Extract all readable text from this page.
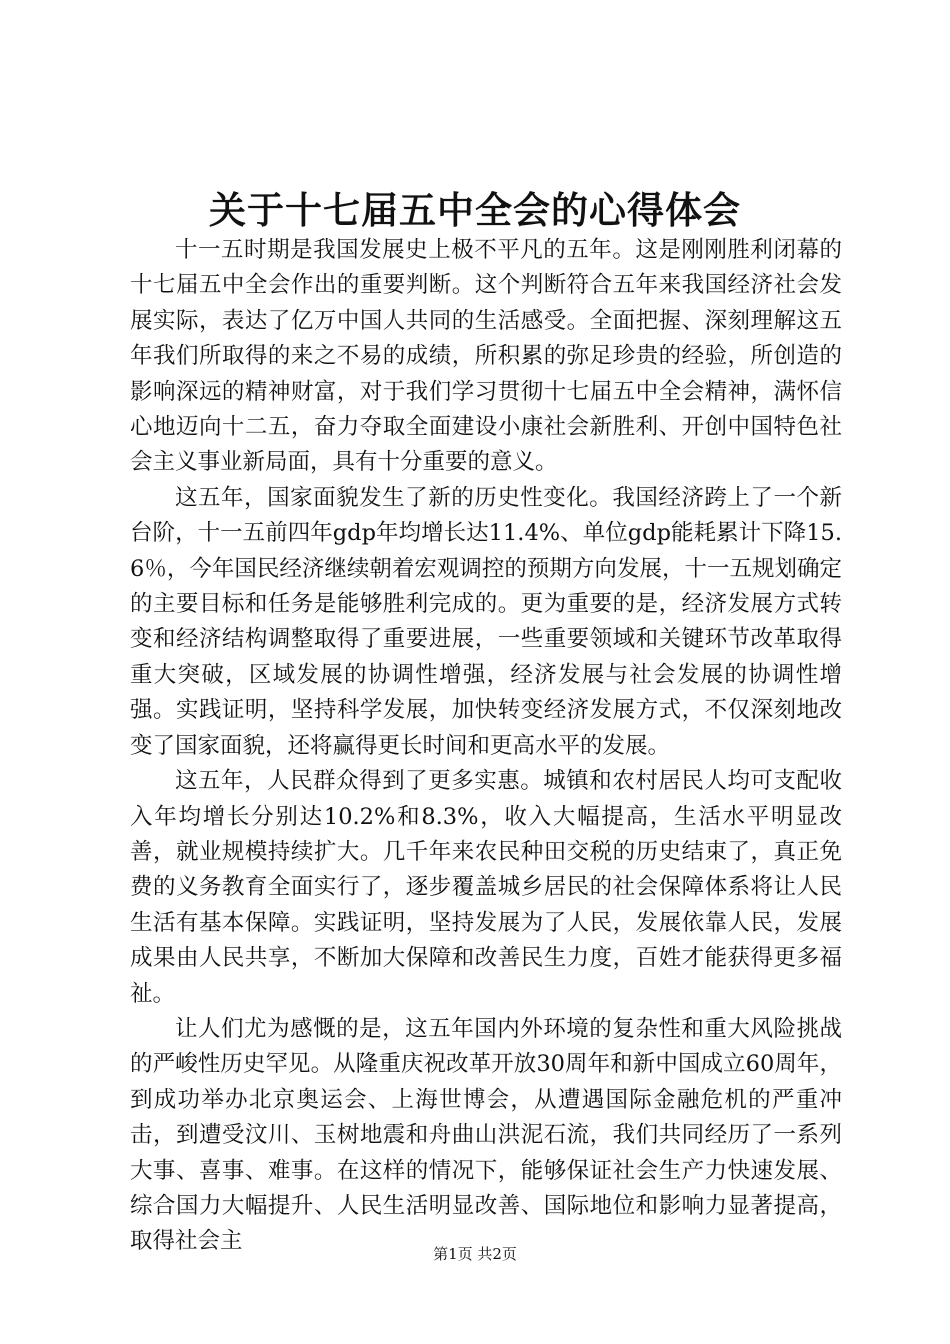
关于十七届五中全会的心得体会

十一五时期是我国发展史上极不平凡的五年。这是刚刚胜利闭幕的十七届五中全会作出的重要判断。这个判断符合五年来我国经济社会发展实际，表达了亿万中国人共同的生活感受。全面把握、深刻理解这五年我们所取得的来之不易的成绩，所积累的弥足珍贵的经验，所创造的影响深远的精神财富，对于我们学习贯彻十七届五中全会精神，满怀信心地迈向十二五，奋力夺取全面建设小康社会新胜利、开创中国特色社会主义事业新局面，具有十分重要的意义。

这五年，国家面貌发生了新的历史性变化。我国经济跨上了一个新台阶，十一五前四年gdp年均增长达11.4%、单位gdp能耗累计下降15.6％，今年国民经济继续朝着宏观调控的预期方向发展，十一五规划确定的主要目标和任务是能够胜利完成的。更为重要的是，经济发展方式转变和经济结构调整取得了重要进展，一些重要领域和关键环节改革取得重大突破，区域发展的协调性增强，经济发展与社会发展的协调性增强。实践证明，坚持科学发展，加快转变经济发展方式，不仅深刻地改变了国家面貌，还将赢得更长时间和更高水平的发展。

这五年，人民群众得到了更多实惠。城镇和农村居民人均可支配收入年均增长分别达10.2%和8.3%，收入大幅提高，生活水平明显改善，就业规模持续扩大。几千年来农民种田交税的历史结束了，真正免费的义务教育全面实行了，逐步覆盖城乡居民的社会保障体系将让人民生活有基本保障。实践证明，坚持发展为了人民，发展依靠人民，发展成果由人民共享，不断加大保障和改善民生力度，百姓才能获得更多福祉。

让人们尤为感慨的是，这五年国内外环境的复杂性和重大风险挑战的严峻性历史罕见。从隆重庆祝改革开放30周年和新中国成立60周年，到成功举办北京奥运会、上海世博会，从遭遇国际金融危机的严重冲击，到遭受汶川、玉树地震和舟曲山洪泥石流，我们共同经历了一系列大事、喜事、难事。在这样的情况下，能够保证社会生产力快速发展、综合国力大幅提升、人民生活明显改善、国际地位和影响力显著提高，取得社会主	第1页 共2页
